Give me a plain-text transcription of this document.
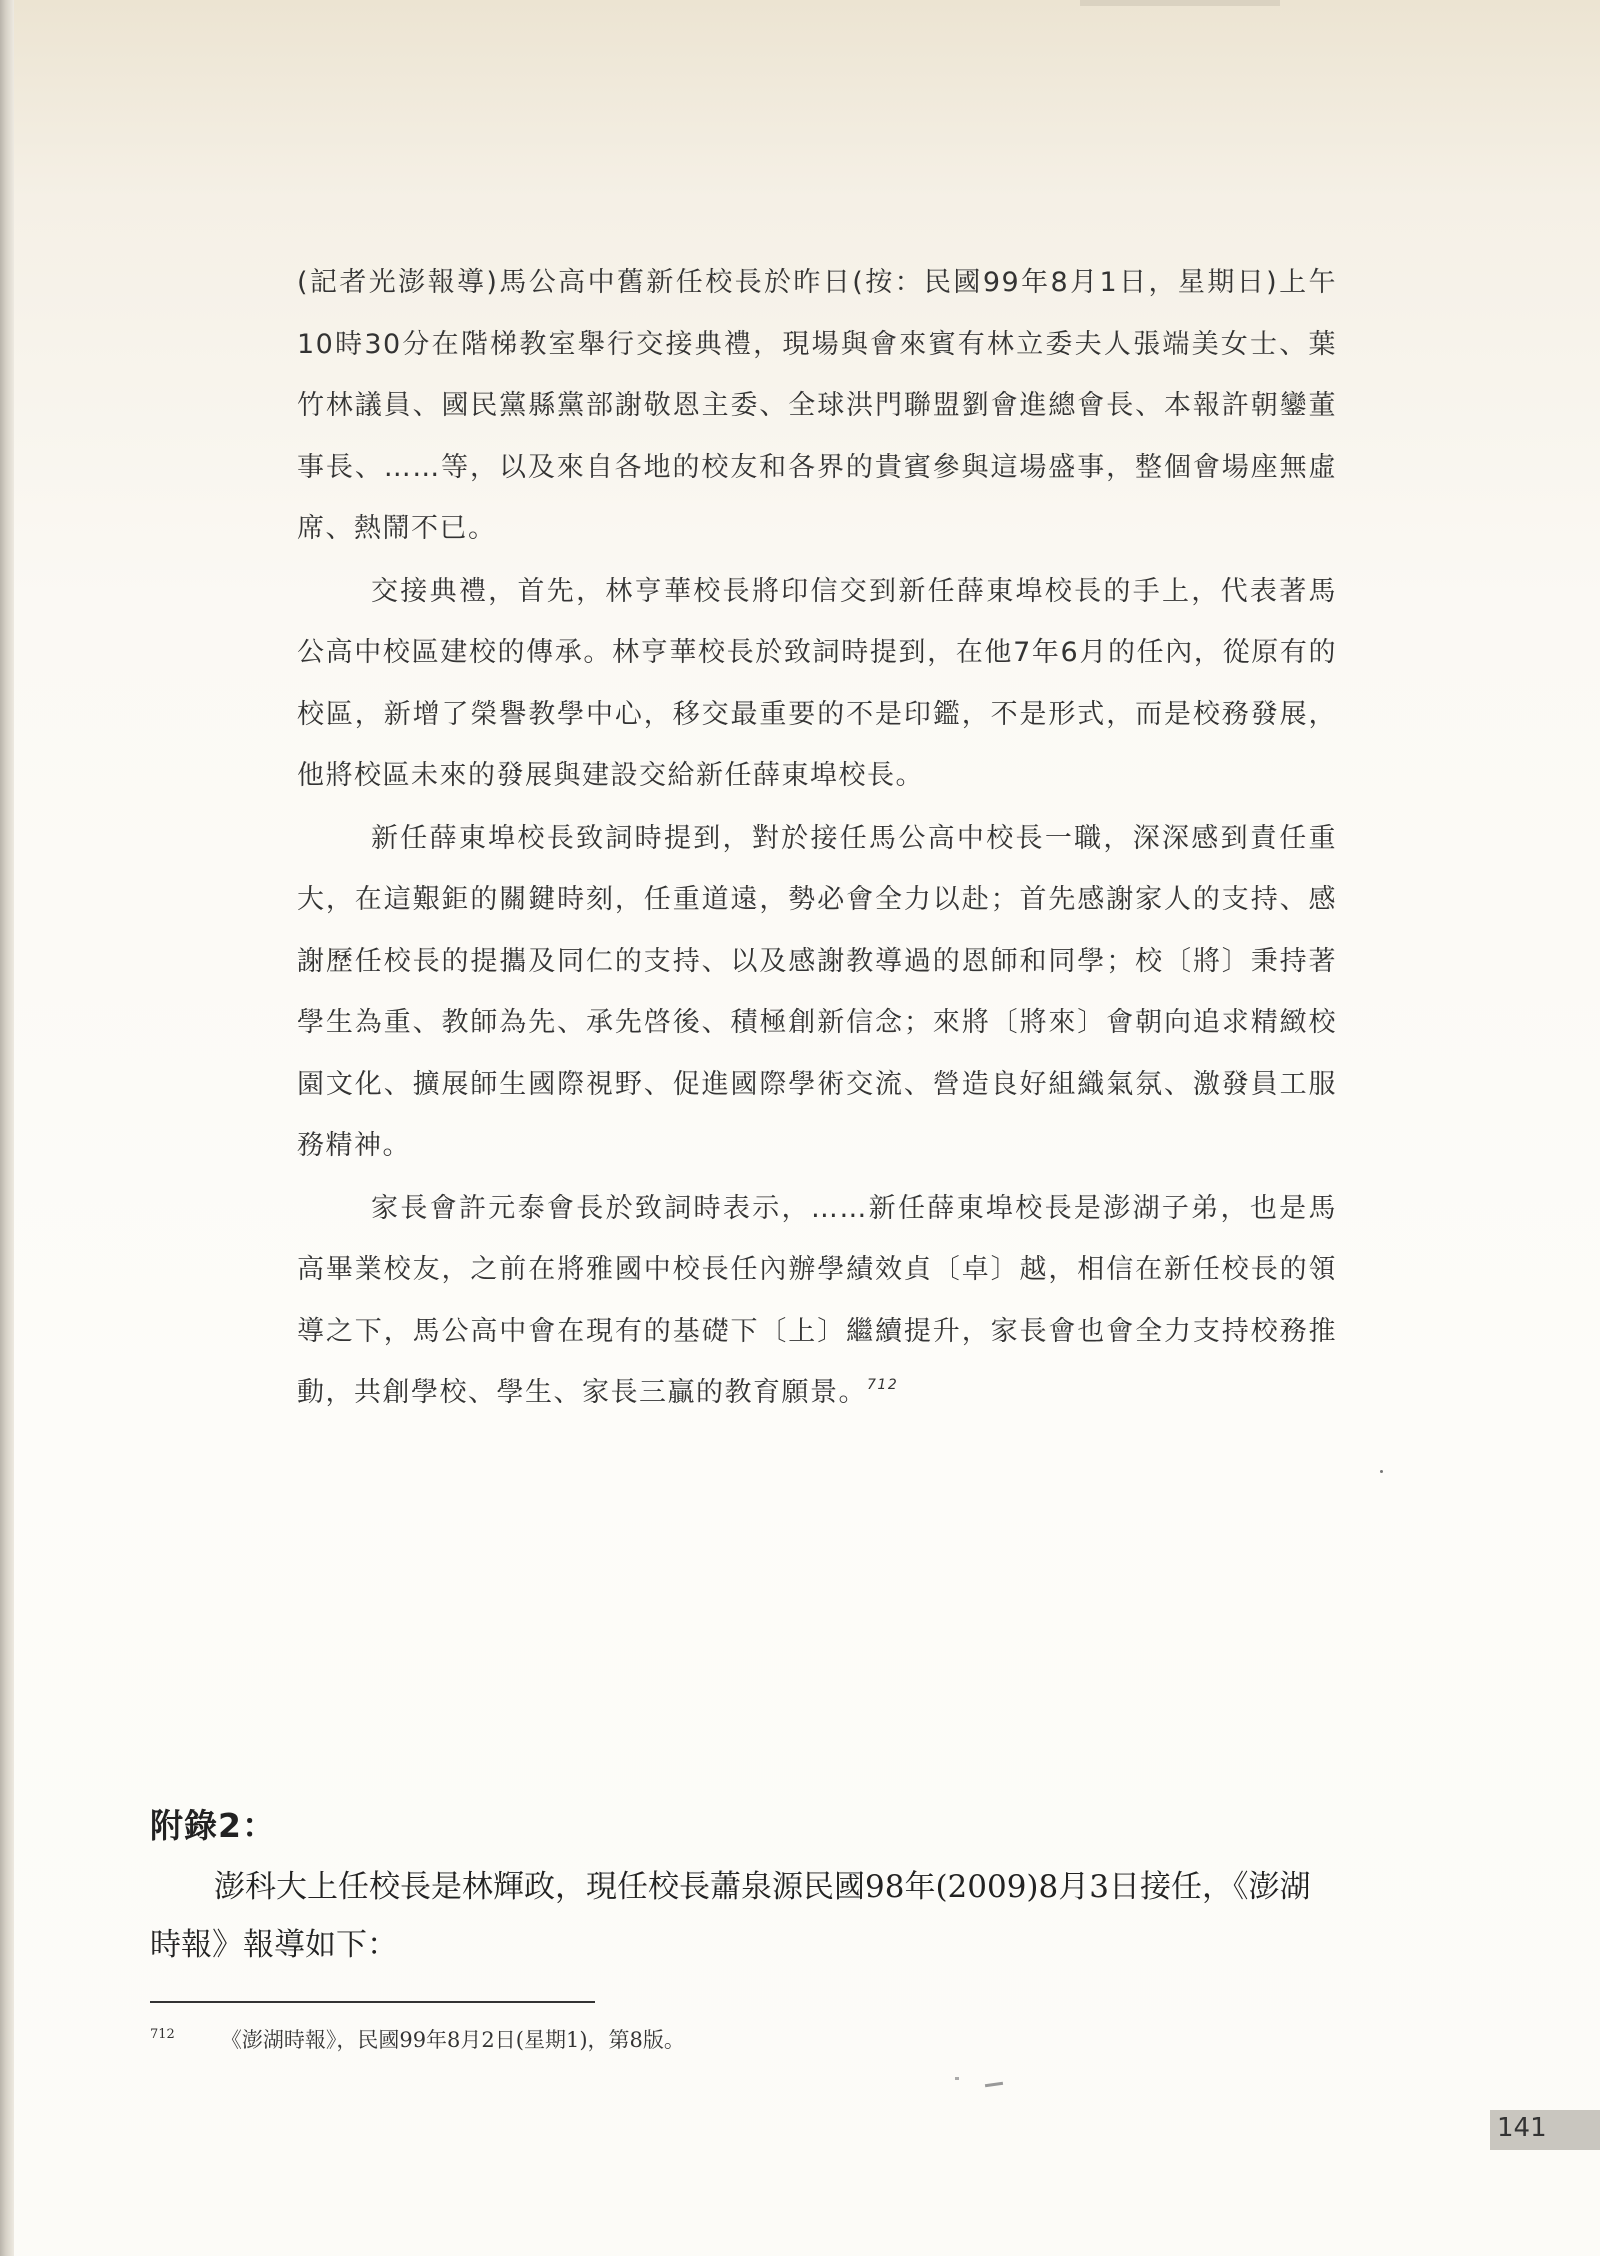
(記者光澎報導)馬公高中舊新任校長於昨日(按：民國99年8月1日，星期日)上午10時30分在階梯教室舉行交接典禮，現場與會來賓有林立委夫人張端美女士、葉竹林議員、國民黨縣黨部謝敬恩主委、全球洪門聯盟劉會進總會長、本報許朝鑾董事長、……等，以及來自各地的校友和各界的貴賓參與這場盛事，整個會場座無虛席、熱鬧不已。

交接典禮，首先，林亨華校長將印信交到新任薛東埠校長的手上，代表著馬公高中校區建校的傳承。林亨華校長於致詞時提到，在他7年6月的任內，從原有的校區，新增了榮譽教學中心，移交最重要的不是印鑑，不是形式，而是校務發展，他將校區未來的發展與建設交給新任薛東埠校長。

新任薛東埠校長致詞時提到，對於接任馬公高中校長一職，深深感到責任重大，在這艱鉅的關鍵時刻，任重道遠，勢必會全力以赴；首先感謝家人的支持、感謝歷任校長的提攜及同仁的支持、以及感謝教導過的恩師和同學；校〔將〕秉持著學生為重、教師為先、承先啓後、積極創新信念；來將〔將來〕會朝向追求精緻校園文化、擴展師生國際視野、促進國際學術交流、營造良好組織氣氛、激發員工服務精神。

家長會許元泰會長於致詞時表示，……新任薛東埠校長是澎湖子弟，也是馬高畢業校友，之前在將雅國中校長任內辦學績效貞〔卓〕越，相信在新任校長的領導之下，馬公高中會在現有的基礎下〔上〕繼續提升，家長會也會全力支持校務推動，共創學校、學生、家長三贏的教育願景。$^{712}$

附錄2：

澎科大上任校長是林輝政，現任校長蕭泉源民國98年(2009)8月3日接任，《澎湖時報》報導如下：

$^{712}$ 《澎湖時報》，民國99年8月2日(星期1)，第8版。
141
